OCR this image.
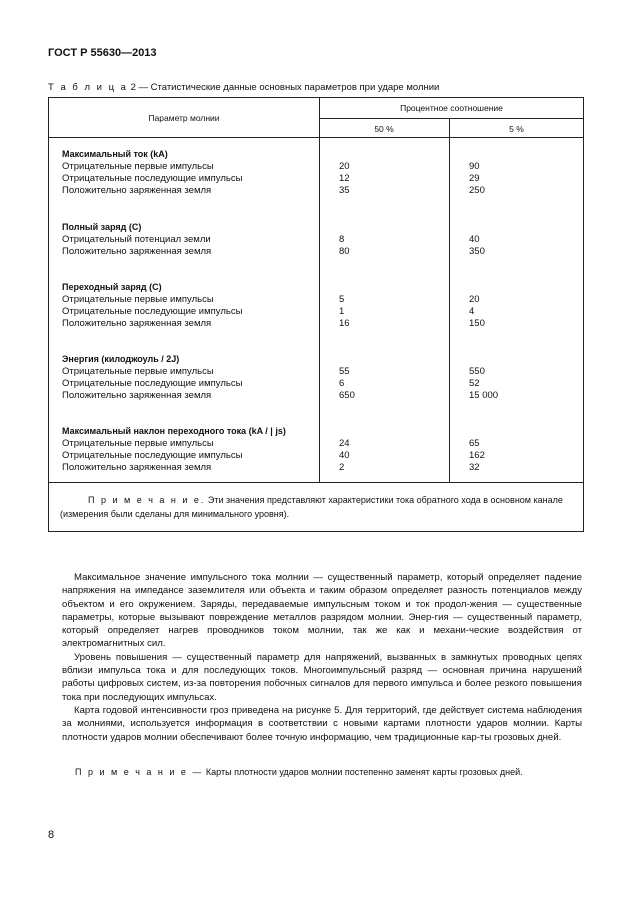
ГОСТ Р 55630—2013
Т а б л и ц а 2 — Статистические данные основных параметров при ударе молнии
Параметр молнии
Процентное соотношение
50 %	5 %
Максимальный ток (kA)
Отрицательные первые импульсы	20	90
Отрицательные последующие импульсы	12	29
Положительно заряженная земля	35	250
Полный заряд (С)
Отрицательный потенциал земли	8	40
Положительно заряженная земля	80	350
Переходный заряд (С)
Отрицательные первые импульсы	5	20
Отрицательные последующие импульсы	1	4
Положительно заряженная земля	16	150
Энергия (килоджоуль / 2J)
Отрицательные первые импульсы	55	550
Отрицательные последующие импульсы	6	52
Положительно заряженная земля	650	15 000
Максимальный наклон переходного тока (kA / | js)
Отрицательные первые импульсы	24	65
Отрицательные последующие импульсы	40	162
Положительно заряженная земля	2	32
П р и м е ч а н и е. Эти значения представляют характеристики тока обратного хода в основном канале (измерения были сделаны для минимального уровня).

Максимальное значение импульсного тока молнии — существенный параметр, который определяет падение напряжения на импедансе заземлителя или объекта и таким образом определяет разность потенциалов между объектом и его окружением. Заряды, передаваемые импульсным током и ток продол-жения — существенные параметры, которые вызывают повреждение металлов разрядом молнии. Энер-гия — существенный параметр, который определяет нагрев проводников током молнии, так же как и механи-ческие воздействия от электромагнитных сил.

Уровень повышения — существенный параметр для напряжений, вызванных в замкнутых проводных цепях вблизи импульса тока и для последующих токов. Многоимпульсный разряд — основная причина нарушений работы цифровых систем, из-за повторения побочных сигналов для первого импульса и более резкого повышения тока при последующих импульсах.

Карта годовой интенсивности гроз приведена на рисунке 5. Для территорий, где действует система наблюдения за молниями, используется информация в соответствии с новыми картами плотности ударов молнии. Карты плотности ударов молнии обеспечивают более точную информацию, чем традиционные кар-ты грозовых дней.

П р и м е ч а н и е — Карты плотности ударов молнии постепенно заменят карты грозовых дней.
8
